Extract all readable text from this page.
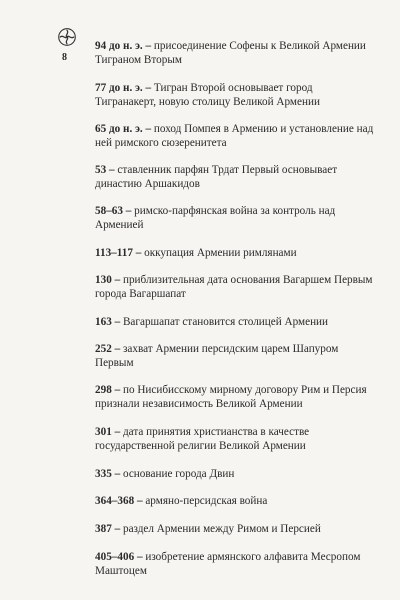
8

94 до н. э. – присоединение Софены к Великой Армении Тиграном Вторым

77 до н. э. – Тигран Второй основывает город Тигранакерт, новую столицу Великой Армении

65 до н. э. – поход Помпея в Армению и установление над ней римского сюзеренитета

53 – ставленник парфян Трдат Первый основывает династию Аршакидов

58–63 – римско-парфянская война за контроль над Арменией

113–117 – оккупация Армении римлянами

130 – приблизительная дата основания Вагаршем Первым города Вагаршапат

163 – Вагаршапат становится столицей Армении

252 – захват Армении персидским царем Шапуром Первым

298 – по Нисибисскому мирному договору Рим и Персия признали независимость Великой Армении

301 – дата принятия христианства в качестве государственной религии Великой Армении

335 – основание города Двин

364–368 – армяно-персидская война

387 – раздел Армении между Римом и Персией

405–406 – изобретение армянского алфавита Месропом Маштоцем
